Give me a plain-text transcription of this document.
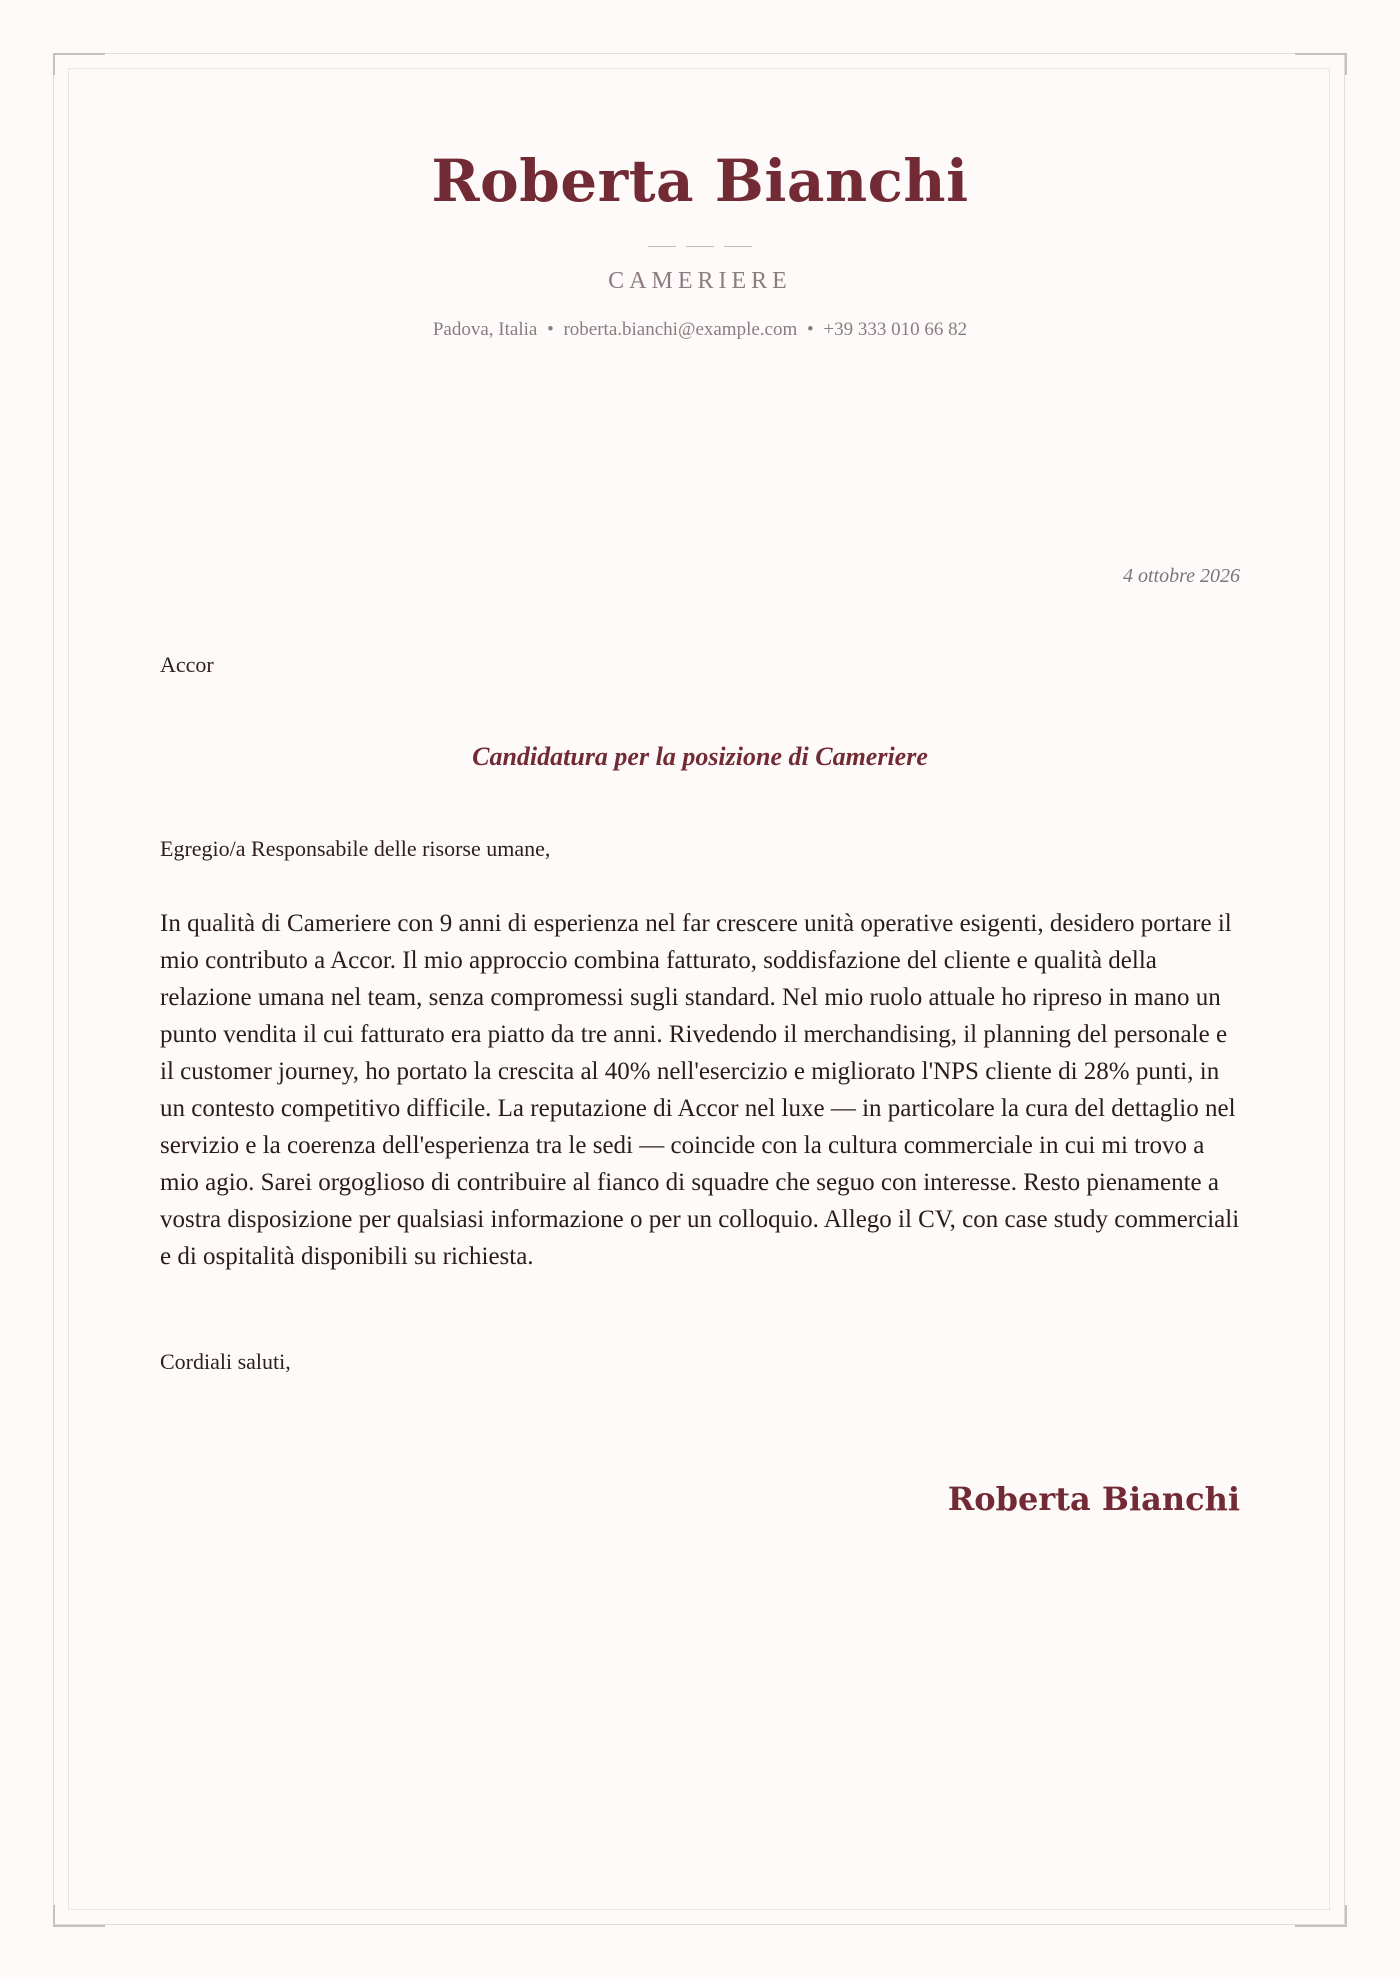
Roberta Bianchi
CAMERIERE
Padova, Italia • roberta.bianchi@example.com • +39 333 010 66 82
4 ottobre 2026
Accor
Candidatura per la posizione di Cameriere
Egregio/a Responsabile delle risorse umane,

In qualità di Cameriere con 9 anni di esperienza nel far crescere unità operative esigenti, desidero portare il mio contributo a Accor. Il mio approccio combina fatturato, soddisfazione del cliente e qualità della relazione umana nel team, senza compromessi sugli standard. Nel mio ruolo attuale ho ripreso in mano un punto vendita il cui fatturato era piatto da tre anni. Rivedendo il merchandising, il planning del personale e il customer journey, ho portato la crescita al 40% nell'esercizio e migliorato l'NPS cliente di 28% punti, in un contesto competitivo difficile. La reputazione di Accor nel luxe — in particolare la cura del dettaglio nel servizio e la coerenza dell'esperienza tra le sedi — coincide con la cultura commerciale in cui mi trovo a mio agio. Sarei orgoglioso di contribuire al fianco di squadre che seguo con interesse. Resto pienamente a vostra disposizione per qualsiasi informazione o per un colloquio. Allego il CV, con case study commerciali e di ospitalità disponibili su richiesta.

Cordiali saluti,
Roberta Bianchi
